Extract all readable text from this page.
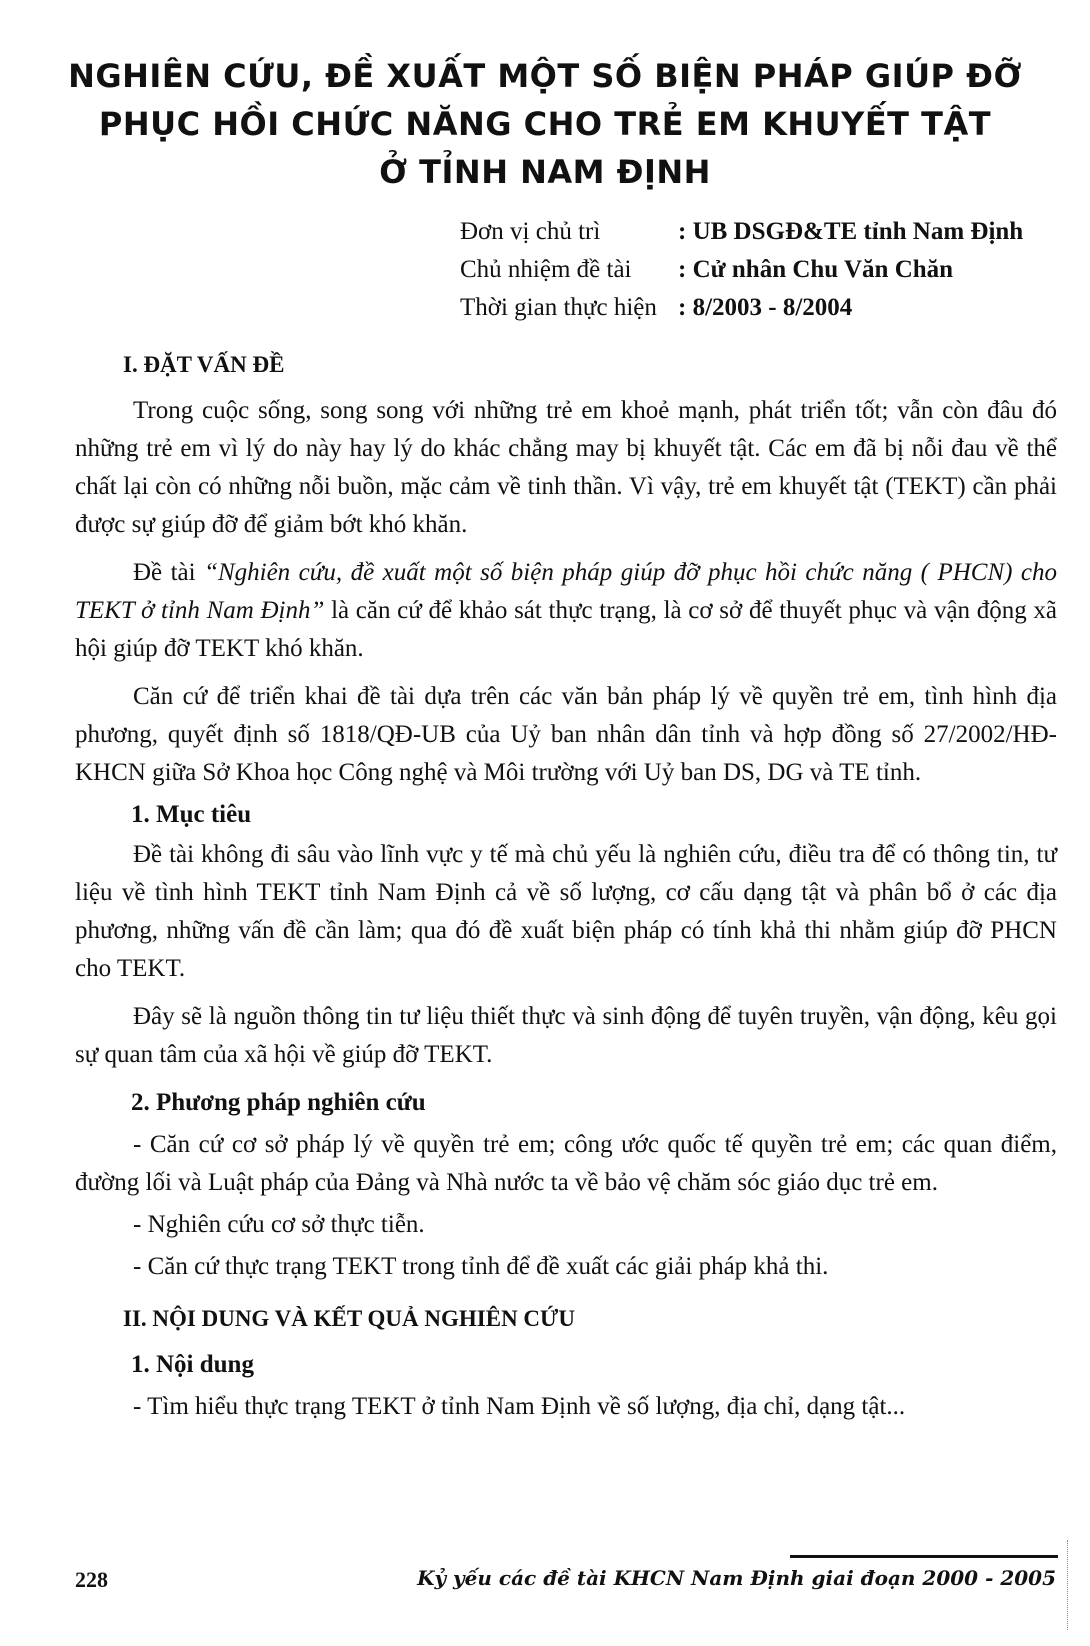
NGHIÊN CỨU, ĐỀ XUẤT MỘT SỐ BIỆN PHÁP GIÚP ĐỠ
PHỤC HỒI CHỨC NĂNG CHO TRẺ EM KHUYẾT TẬT
Ở TỈNH NAM ĐỊNH
Đơn vị chủ trì	: UB DSGĐ&TE tỉnh Nam Định
Chủ nhiệm đề tài	: Cử nhân Chu Văn Chăn
Thời gian thực hiện : 8/2003 - 8/2004

I. ĐẶT VẤN ĐỀ

Trong cuộc sống, song song với những trẻ em khoẻ mạnh, phát triển tốt; vẫn còn đâu đó những trẻ em vì lý do này hay lý do khác chẳng may bị khuyết tật. Các em đã bị nỗi đau về thể chất lại còn có những nỗi buồn, mặc cảm về tinh thần. Vì vậy, trẻ em khuyết tật (TEKT) cần phải được sự giúp đỡ để giảm bớt khó khăn.

Đề tài “Nghiên cứu, đề xuất một số biện pháp giúp đỡ phục hồi chức năng ( PHCN) cho TEKT ở tỉnh Nam Định” là căn cứ để khảo sát thực trạng, là cơ sở để thuyết phục và vận động xã hội giúp đỡ TEKT khó khăn.

Căn cứ để triển khai đề tài dựa trên các văn bản pháp lý về quyền trẻ em, tình hình địa phương, quyết định số 1818/QĐ-UB của Uỷ ban nhân dân tỉnh và hợp đồng số 27/2002/HĐ-KHCN giữa Sở Khoa học Công nghệ và Môi trường với Uỷ ban DS, DG và TE tỉnh.

1. Mục tiêu

Đề tài không đi sâu vào lĩnh vực y tế mà chủ yếu là nghiên cứu, điều tra để có thông tin, tư liệu về tình hình TEKT tỉnh Nam Định cả về số lượng, cơ cấu dạng tật và phân bổ ở các địa phương, những vấn đề cần làm; qua đó đề xuất biện pháp có tính khả thi nhằm giúp đỡ PHCN cho TEKT.

Đây sẽ là nguồn thông tin tư liệu thiết thực và sinh động để tuyên truyền, vận động, kêu gọi sự quan tâm của xã hội về giúp đỡ TEKT.

2. Phương pháp nghiên cứu

- Căn cứ cơ sở pháp lý về quyền trẻ em; công ước quốc tế quyền trẻ em; các quan điểm, đường lối và Luật pháp của Đảng và Nhà nước ta về bảo vệ chăm sóc giáo dục trẻ em.

- Nghiên cứu cơ sở thực tiễn.

- Căn cứ thực trạng TEKT trong tỉnh để đề xuất các giải pháp khả thi.

II. NỘI DUNG VÀ KẾT QUẢ NGHIÊN CỨU

1. Nội dung

- Tìm hiểu thực trạng TEKT ở tỉnh Nam Định về số lượng, địa chỉ, dạng tật...

228	Kỷ yếu các đề tài KHCN Nam Định giai đoạn 2000 - 2005
